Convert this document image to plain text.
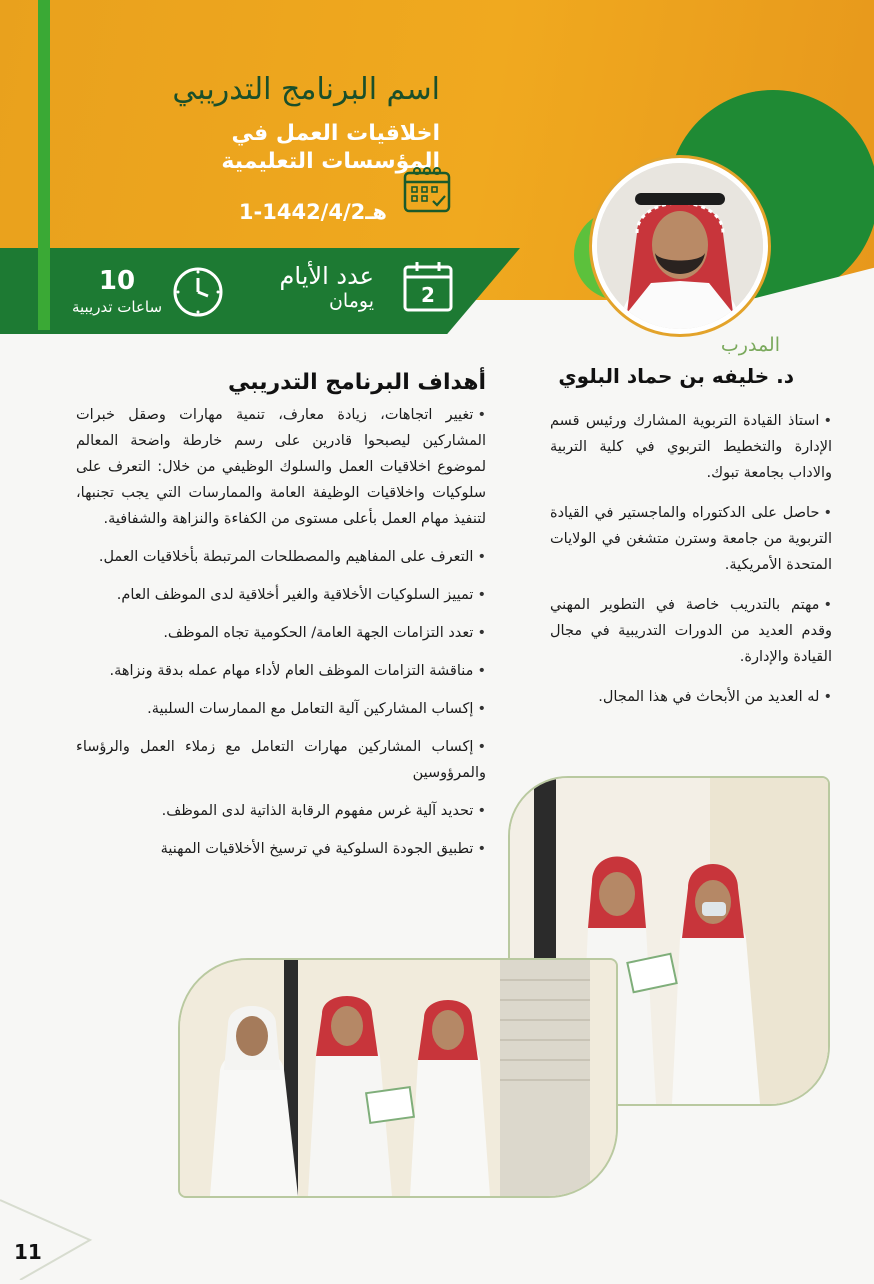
اسم البرنامج التدريبي
اخلاقيات العمل في المؤسسات التعليمية
1-1442/4/2هـ
2
عدد الأيام
يومان
10
ساعات تدريبية
المدرب
د. خليفه بن حماد البلوي
•استاذ القيادة التربوية المشارك ورئيس قسم الإدارة والتخطيط التربوي في كلية التربية والاداب بجامعة تبوك.
•حاصل على الدكتوراه والماجستير في القيادة التربوية من جامعة وسترن متشغن في الولايات المتحدة الأمريكية.
•مهتم بالتدريب خاصة في التطوير المهني وقدم العديد من الدورات التدريبية في مجال القيادة والإدارة.
•له العديد من الأبحاث في هذا المجال.
أهداف البرنامج التدريبي
•تغيير اتجاهات، زيادة معارف، تنمية مهارات وصقل خبرات المشاركين ليصبحوا قادرين على رسم خارطة واضحة المعالم لموضوع اخلاقيات العمل والسلوك الوظيفي من خلال: التعرف على سلوكيات واخلاقيات الوظيفة العامة والممارسات التي يجب تجنبها، لتنفيذ مهام العمل بأعلى مستوى من الكفاءة والنزاهة والشفافية.
•التعرف على المفاهيم والمصطلحات المرتبطة بأخلاقيات العمل.
•تمييز السلوكيات الأخلاقية والغير أخلاقية لدى الموظف العام.
•تعدد التزامات الجهة العامة/ الحكومية تجاه الموظف.
•مناقشة التزامات الموظف العام لأداء مهام عمله بدقة ونزاهة.
•إكساب المشاركين آلية التعامل مع الممارسات السلبية.
•إكساب المشاركين مهارات التعامل مع زملاء العمل والرؤساء والمرؤوسين
•تحديد آلية غرس مفهوم الرقابة الذاتية لدى الموظف.
•تطبيق الجودة السلوكية في ترسيخ الأخلاقيات المهنية
11
